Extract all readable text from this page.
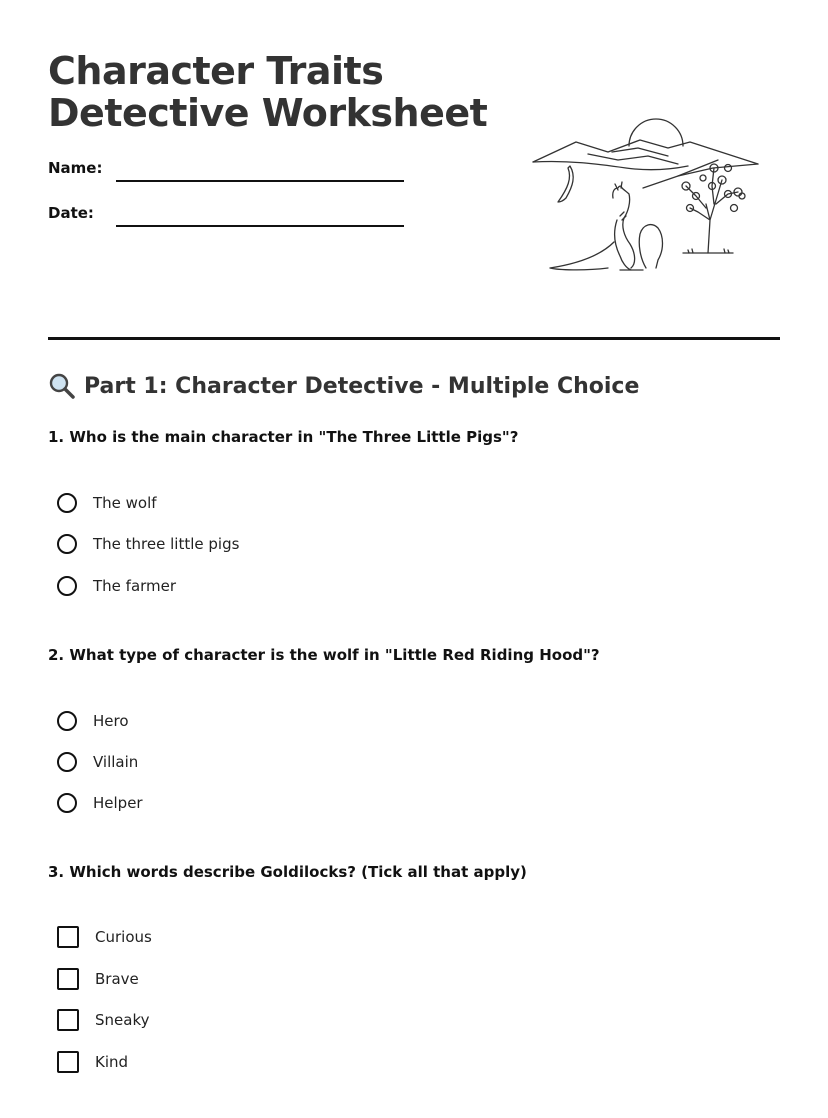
Character Traits
Detective Worksheet
Name:
Date:
Part 1: Character Detective - Multiple Choice

1. Who is the main character in "The Three Little Pigs"?

The wolf
The three little pigs
The farmer

2. What type of character is the wolf in "Little Red Riding Hood"?

Hero
Villain
Helper

3. Which words describe Goldilocks? (Tick all that apply)

Curious
Brave
Sneaky
Kind
